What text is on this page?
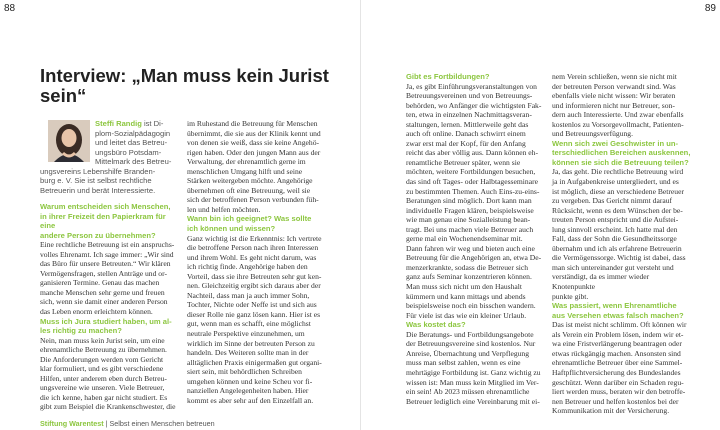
88	89
Interview: „Man muss kein Jurist sein“

Steffi Randig ist Di-

plom-Sozialpädagogin
und leitet das Betreu-
ungsbüro Potsdam-
Mittelmark des Betreu-
ungsvereins Lebenshilfe Branden-
burg e. V. Sie ist selbst rechtliche
Betreuerin und berät Interessierte.
Warum entscheiden sich Menschen,
in ihrer Freizeit den Papierkram für eine
andere Person zu übernehmen?
Eine rechtliche Betreuung ist ein anspruchs-
volles Ehrenamt. Ich sage immer: „Wir sind
das Büro für unsere Betreuten.“ Wir klären
Vermögensfragen, stellen Anträge und or-
ganisieren Termine. Genau das machen
manche Menschen sehr gerne und freuen
sich, wenn sie damit einer anderen Person
das Leben enorm erleichtern können.
Muss ich Jura studiert haben, um al-
les richtig zu machen?
Nein, man muss kein Jurist sein, um eine
ehrenamtliche Betreuung zu übernehmen.
Die Anforderungen werden vom Gericht
klar formuliert, und es gibt verschiedene
Hilfen, unter anderem eben durch Betreu-
ungsvereine wie unseren. Viele Betreuer,
die ich kenne, haben gar nicht studiert. Es
gibt zum Beispiel die Krankenschwester, die
im Ruhestand die Betreuung für Menschen
übernimmt, die sie aus der Klinik kennt und
von denen sie weiß, dass sie keine Angehö-
rigen haben. Oder den jungen Mann aus der
Verwaltung, der ehrenamtlich gerne im
menschlichen Umgang hilft und seine
Stärken weitergeben möchte. Angehörige
übernehmen oft eine Betreuung, weil sie
sich der betroffenen Person verbunden füh-
len und helfen möchten.
Wann bin ich geeignet? Was sollte
ich können und wissen?
Ganz wichtig ist die Erkenntnis: Ich vertrete
die betroffene Person nach ihren Interessen
und ihrem Wohl. Es geht nicht darum, was
ich richtig finde. Angehörige haben den
Vorteil, dass sie ihre Betreuten sehr gut ken-
nen. Gleichzeitig ergibt sich daraus aber der
Nachteil, dass man ja auch immer Sohn,
Tochter, Nichte oder Neffe ist und sich aus
dieser Rolle nie ganz lösen kann. Hier ist es
gut, wenn man es schafft, eine möglichst
neutrale Perspektive einzunehmen, um
wirklich im Sinne der betreuten Person zu
handeln. Des Weiteren sollte man in der
alltäglichen Praxis einigermaßen gut organi-
siert sein, mit behördlichen Schreiben
umgehen können und keine Scheu vor fi-
nanziellen Angelegenheiten haben. Hier
kommt es aber sehr auf den Einzelfall an.
Gibt es Fortbildungen?
Ja, es gibt Einführungsveranstaltungen von
Betreuungsvereinen und von Betreuungs-
behörden, wo Anfänger die wichtigsten Fak-
ten, etwa in einzelnen Nachmittagsveran-
staltungen, lernen. Mittlerweile geht das
auch oft online. Danach schwirrt einem
zwar erst mal der Kopf, für den Anfang
reicht das aber völlig aus. Dann können eh-
renamtliche Betreuer später, wenn sie
möchten, weitere Fortbildungen besuchen,
das sind oft Tages- oder Halbtagesseminare
zu bestimmten Themen. Auch Eins-zu-eins-
Beratungen sind möglich. Dort kann man
individuelle Fragen klären, beispielsweise
wie man genau eine Sozialleistung bean-
tragt. Bei uns machen viele Betreuer auch
gerne mal ein Wochenendseminar mit.
Dann fahren wir weg und bieten auch eine
Betreuung für die Angehörigen an, etwa De-
menzerkrankte, sodass die Betreuer sich
ganz aufs Seminar konzentrieren können.
Man muss sich nicht um den Haushalt
kümmern und kann mittags und abends
beispielsweise noch ein bisschen wandern.
Für viele ist das wie ein kleiner Urlaub.
Was kostet das?
Die Beratungs- und Fortbildungsangebote
der Betreuungsvereine sind kostenlos. Nur
Anreise, Übernachtung und Verpflegung
muss man selbst zahlen, wenn es eine
mehrtägige Fortbildung ist. Ganz wichtig zu
wissen ist: Man muss kein Mitglied im Ver-
ein sein! Ab 2023 müssen ehrenamtliche
Betreuer lediglich eine Vereinbarung mit ei-
nem Verein schließen, wenn sie nicht mit
der betreuten Person verwandt sind. Was
ebenfalls viele nicht wissen: Wir beraten
und informieren nicht nur Betreuer, son-
dern auch Interessierte. Und zwar ebenfalls
kostenlos zu Vorsorgevollmacht, Patienten-
und Betreuungsverfügung.
Wenn sich zwei Geschwister in un-
terschiedlichen Bereichen auskennen,
können sie sich die Betreuung teilen?
Ja, das geht. Die rechtliche Betreuung wird
ja in Aufgabenkreise untergliedert, und es
ist möglich, diese an verschiedene Betreuer
zu vergeben. Das Gericht nimmt darauf
Rücksicht, wenn es dem Wünschen der be-
treuten Person entspricht und die Aufstei-
lung sinnvoll erscheint. Ich hatte mal den
Fall, dass der Sohn die Gesundheitssorge
übernahm und ich als erfahrene Betreuerin
die Vermögenssorge. Wichtig ist dabei, dass
man sich untereinander gut versteht und
verständigt, da es immer wieder Knotenpunkte
punkte gibt.
Was passiert, wenn Ehrenamtliche
aus Versehen etwas falsch machen?
Das ist meist nicht schlimm. Oft können wir
als Verein ein Problem lösen, indem wir et-
wa eine Fristverlängerung beantragen oder
etwas rückgängig machen. Ansonsten sind
ehrenamtliche Betreuer über eine Sammel-
Haftpflichtversicherung des Bundeslandes
geschützt. Wenn darüber ein Schaden regu-
liert werden muss, beraten wir den betroffe-
nen Betreuer und helfen kostenlos bei der
Kommunikation mit der Versicherung.
Stiftung Warentest | Selbst einen Menschen betreuen
